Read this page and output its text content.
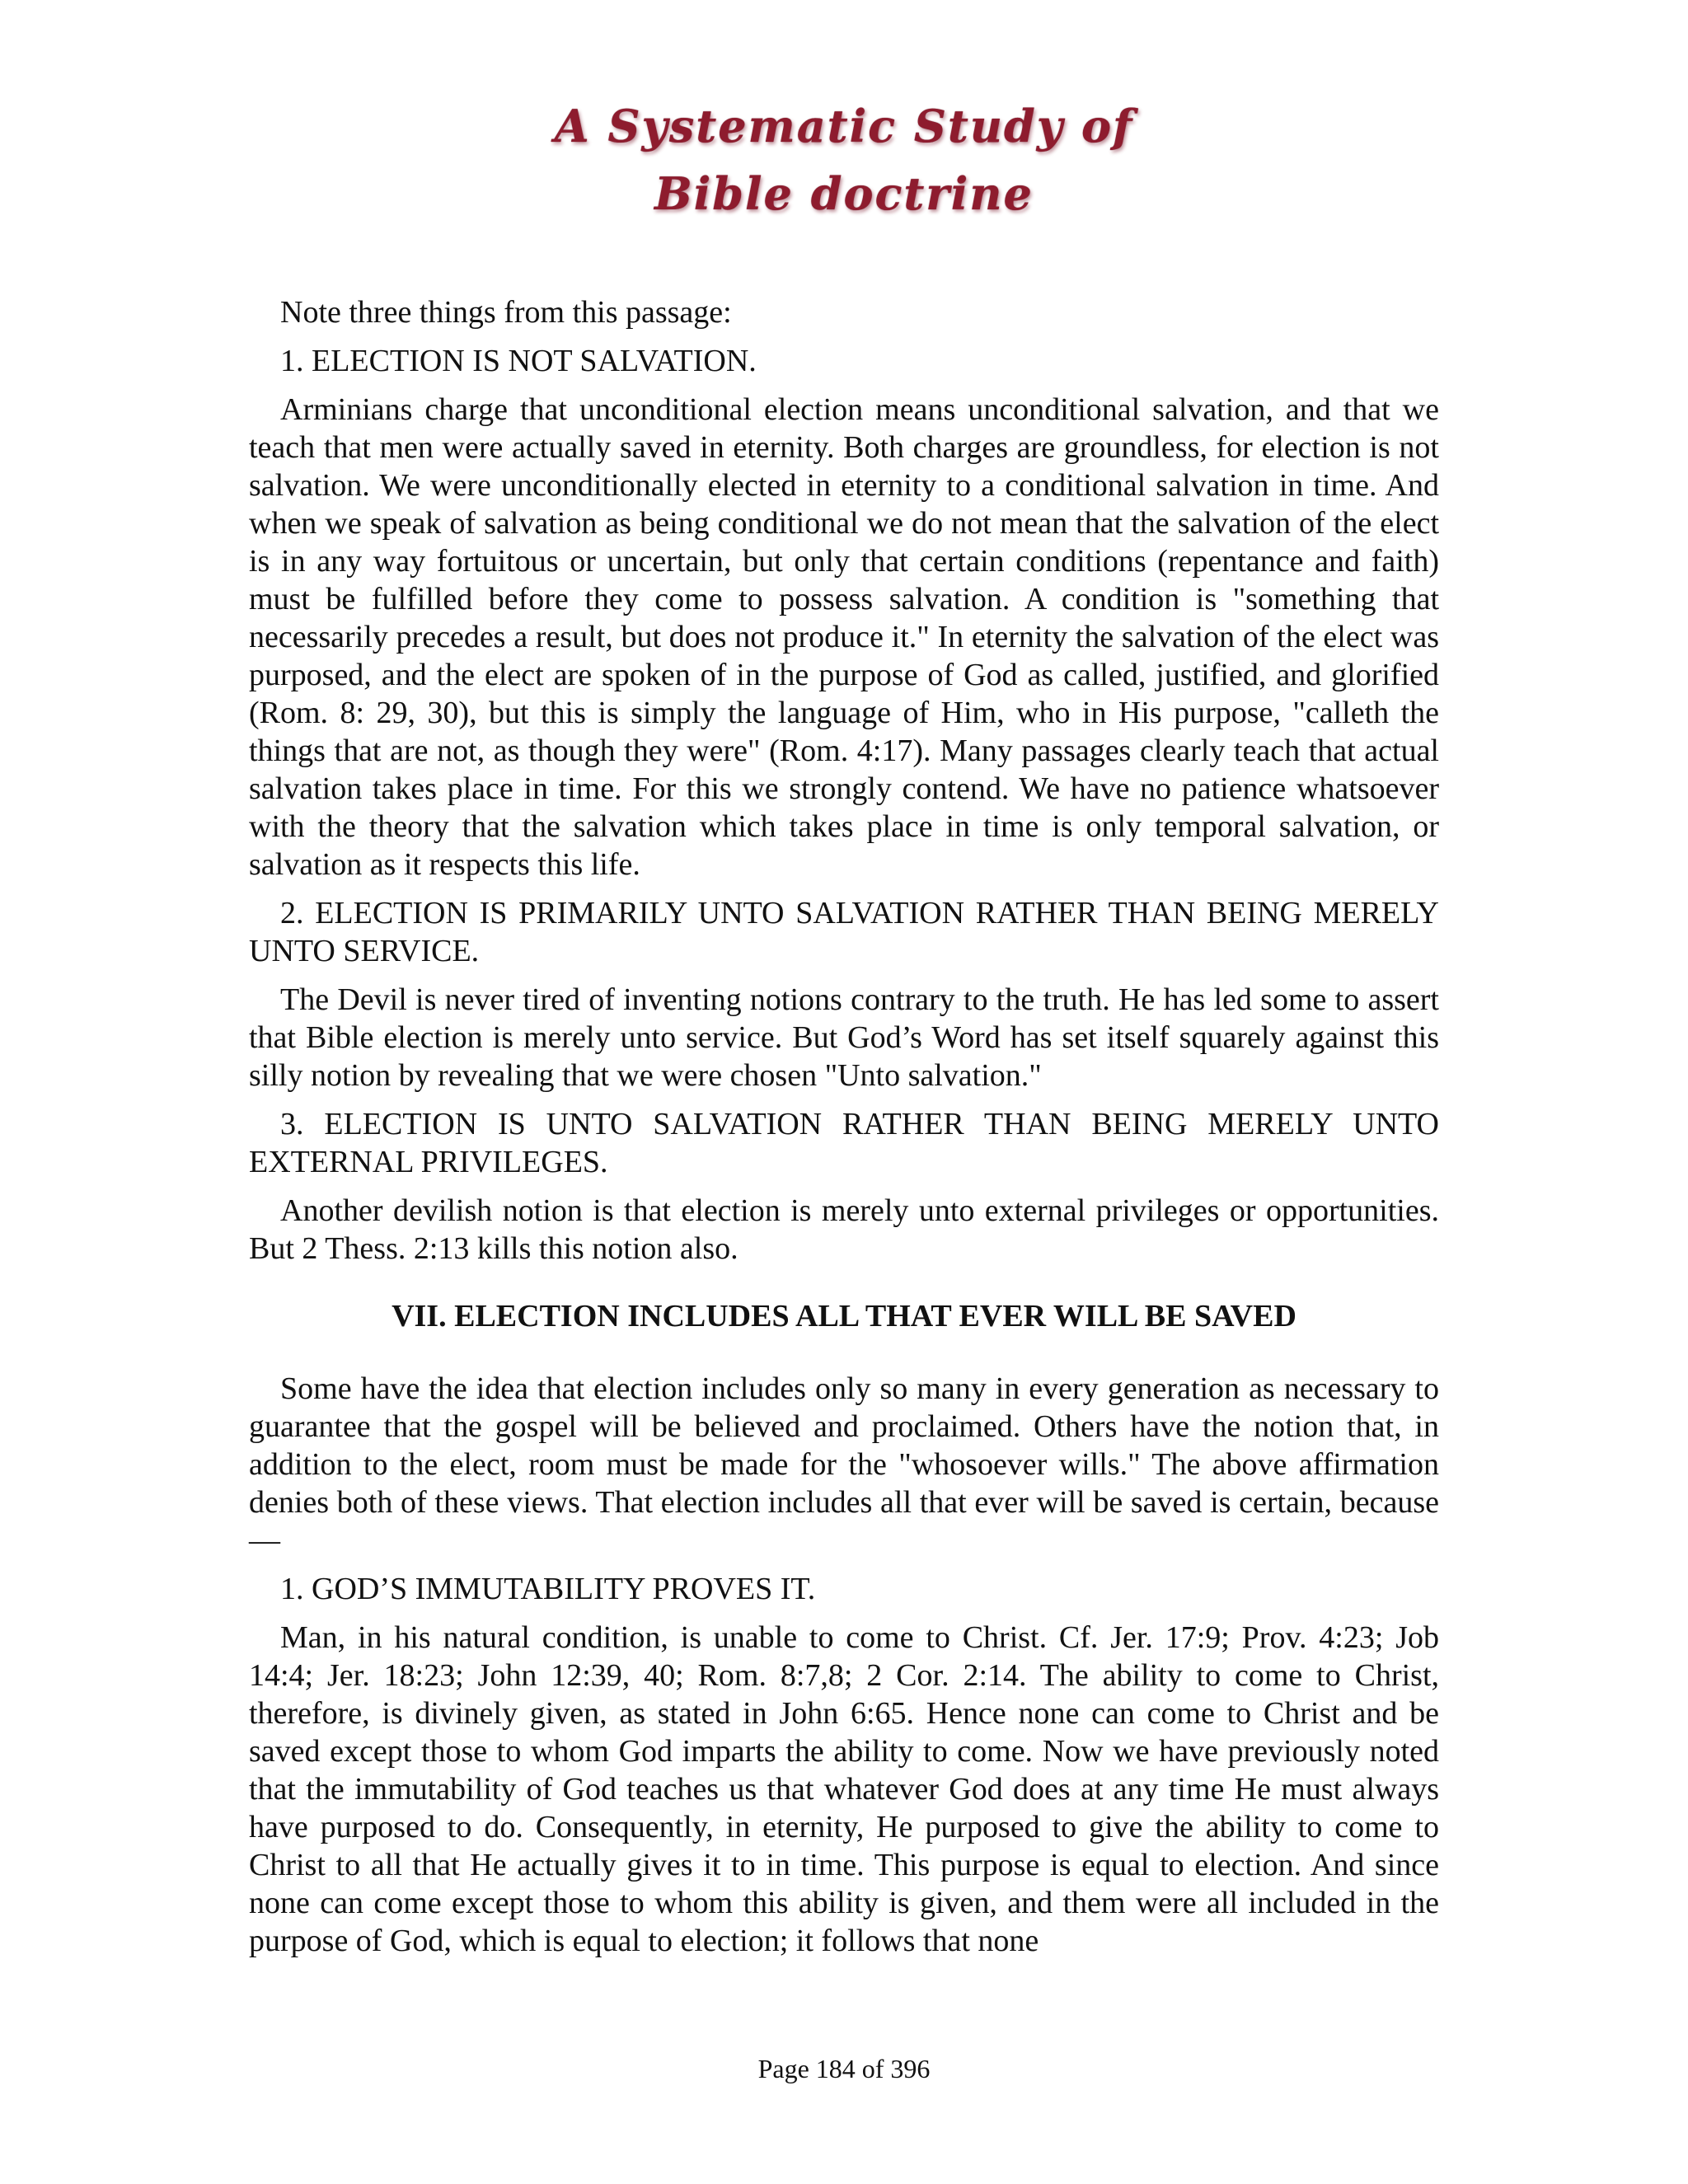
A Systematic Study of
Bible doctrine

Note three things from this passage:

1. ELECTION IS NOT SALVATION.

Arminians charge that unconditional election means unconditional salvation, and that we teach that men were actually saved in eternity. Both charges are groundless, for election is not salvation. We were unconditionally elected in eternity to a conditional salvation in time. And when we speak of salvation as being conditional we do not mean that the salvation of the elect is in any way fortuitous or uncertain, but only that certain conditions (repentance and faith) must be fulfilled before they come to possess salvation. A condition is "something that necessarily precedes a result, but does not produce it." In eternity the salvation of the elect was purposed, and the elect are spoken of in the purpose of God as called, justified, and glorified (Rom. 8: 29, 30), but this is simply the language of Him, who in His purpose, "calleth the things that are not, as though they were" (Rom. 4:17). Many passages clearly teach that actual salvation takes place in time. For this we strongly contend. We have no patience whatsoever with the theory that the salvation which takes place in time is only temporal salvation, or salvation as it respects this life.

2. ELECTION IS PRIMARILY UNTO SALVATION RATHER THAN BEING MERELY UNTO SERVICE.

The Devil is never tired of inventing notions contrary to the truth. He has led some to assert that Bible election is merely unto service. But God’s Word has set itself squarely against this silly notion by revealing that we were chosen "Unto salvation."

3. ELECTION IS UNTO SALVATION RATHER THAN BEING MERELY UNTO EXTERNAL PRIVILEGES.

Another devilish notion is that election is merely unto external privileges or opportunities. But 2 Thess. 2:13 kills this notion also.

VII. ELECTION INCLUDES ALL THAT EVER WILL BE SAVED

Some have the idea that election includes only so many in every generation as necessary to guarantee that the gospel will be believed and proclaimed. Others have the notion that, in addition to the elect, room must be made for the "whosoever wills." The above affirmation denies both of these views. That election includes all that ever will be saved is certain, because—

1. GOD’S IMMUTABILITY PROVES IT.

Man, in his natural condition, is unable to come to Christ. Cf. Jer. 17:9; Prov. 4:23; Job 14:4; Jer. 18:23; John 12:39, 40; Rom. 8:7,8; 2 Cor. 2:14. The ability to come to Christ, therefore, is divinely given, as stated in John 6:65. Hence none can come to Christ and be saved except those to whom God imparts the ability to come. Now we have previously noted that the immutability of God teaches us that whatever God does at any time He must always have purposed to do. Consequently, in eternity, He purposed to give the ability to come to Christ to all that He actually gives it to in time. This purpose is equal to election. And since none can come except those to whom this ability is given, and them were all included in the purpose of God, which is equal to election; it follows that none

Page 184 of 396
